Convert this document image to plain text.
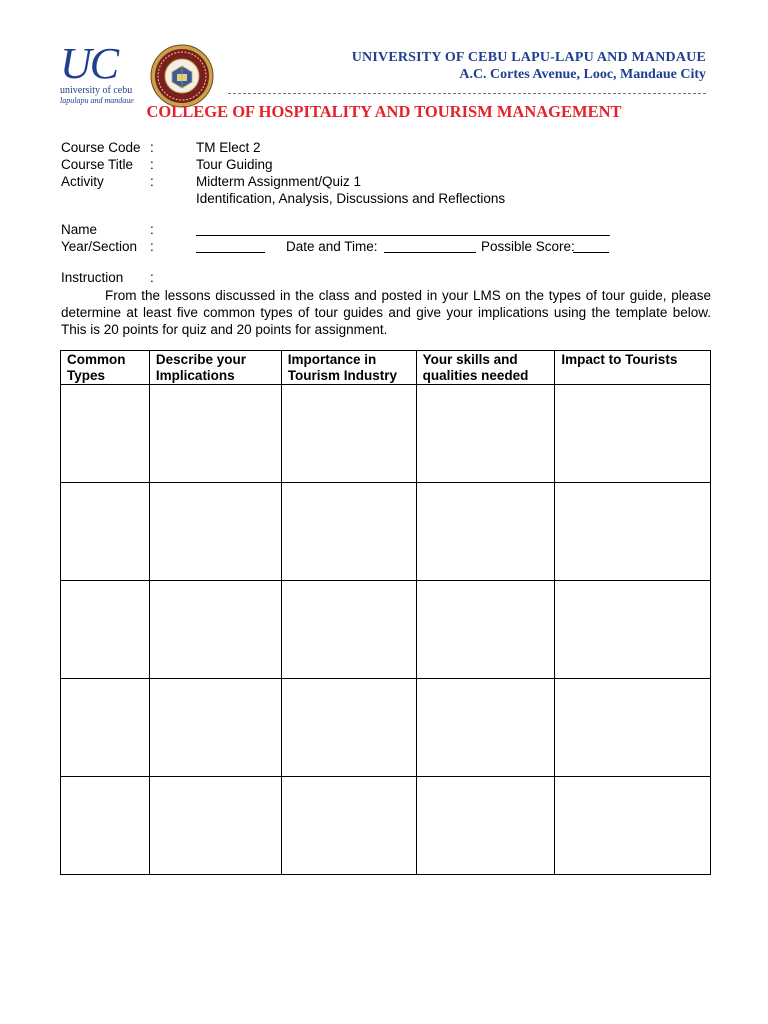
UC
university of cebu
lapulapu and mandaue
UNIVERSITY OF CEBU LAPU-LAPU AND MANDAUE
A.C. Cortes Avenue, Looc, Mandaue City
COLLEGE OF HOSPITALITY AND TOURISM MANAGEMENT
Course Code :	TM Elect 2
Course Title :	Tour Guiding
Activity	:	Midterm Assignment/Quiz 1
Identification, Analysis, Discussions and Reflections
Name	:
Year/Section :	Date and Time:	Possible Score:
Instruction :

From the lessons discussed in the class and posted in your LMS on the types of tour guide, please determine at least five common types of tour guides and give your implications using the template below. This is 20 points for quiz and 20 points for assignment.

Common Types	Describe your Implications	Importance in Tourism Industry	Your skills and qualities needed	Impact to Tourists
